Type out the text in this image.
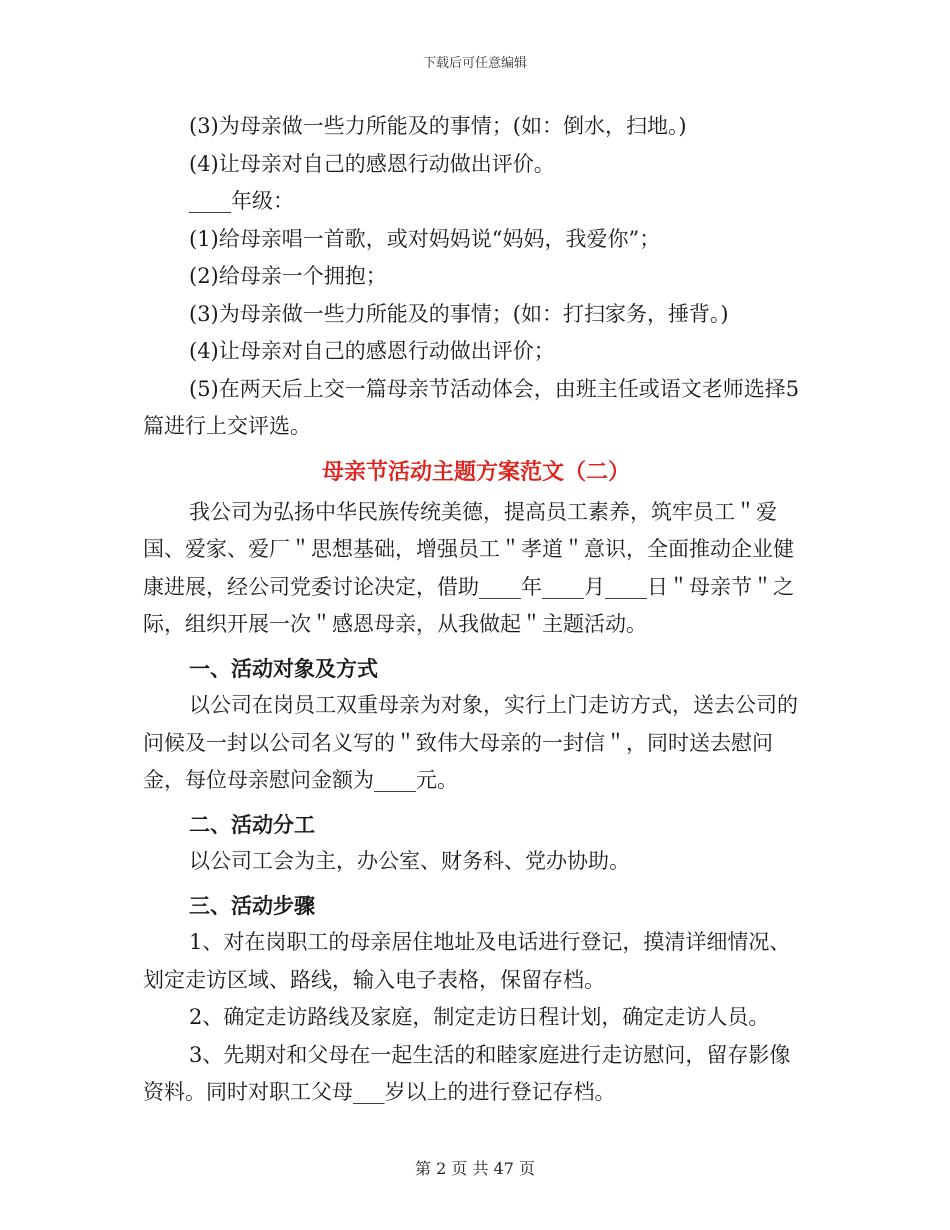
下载后可任意编辑

(3)为母亲做一些力所能及的事情；(如：倒水，扫地。)

(4)让母亲对自己的感恩行动做出评价。

____年级：

(1)给母亲唱一首歌，或对妈妈说“妈妈，我爱你”；

(2)给母亲一个拥抱；

(3)为母亲做一些力所能及的事情；(如：打扫家务，捶背。)

(4)让母亲对自己的感恩行动做出评价；

(5)在两天后上交一篇母亲节活动体会，由班主任或语文老师选择5篇进行上交评选。

母亲节活动主题方案范文（二）

我公司为弘扬中华民族传统美德，提高员工素养，筑牢员工＂爱国、爱家、爱厂＂思想基础，增强员工＂孝道＂意识，全面推动企业健康进展，经公司党委讨论决定，借助____年____月____日＂母亲节＂之际，组织开展一次＂感恩母亲，从我做起＂主题活动。

一、活动对象及方式

以公司在岗员工双重母亲为对象，实行上门走访方式，送去公司的问候及一封以公司名义写的＂致伟大母亲的一封信＂，同时送去慰问金，每位母亲慰问金额为____元。

二、活动分工

以公司工会为主，办公室、财务科、党办协助。

三、活动步骤

1、对在岗职工的母亲居住地址及电话进行登记，摸清详细情况、划定走访区域、路线，输入电子表格，保留存档。

2、确定走访路线及家庭，制定走访日程计划，确定走访人员。

3、先期对和父母在一起生活的和睦家庭进行走访慰问，留存影像资料。同时对职工父母___岁以上的进行登记存档。

第 2 页 共 47 页
